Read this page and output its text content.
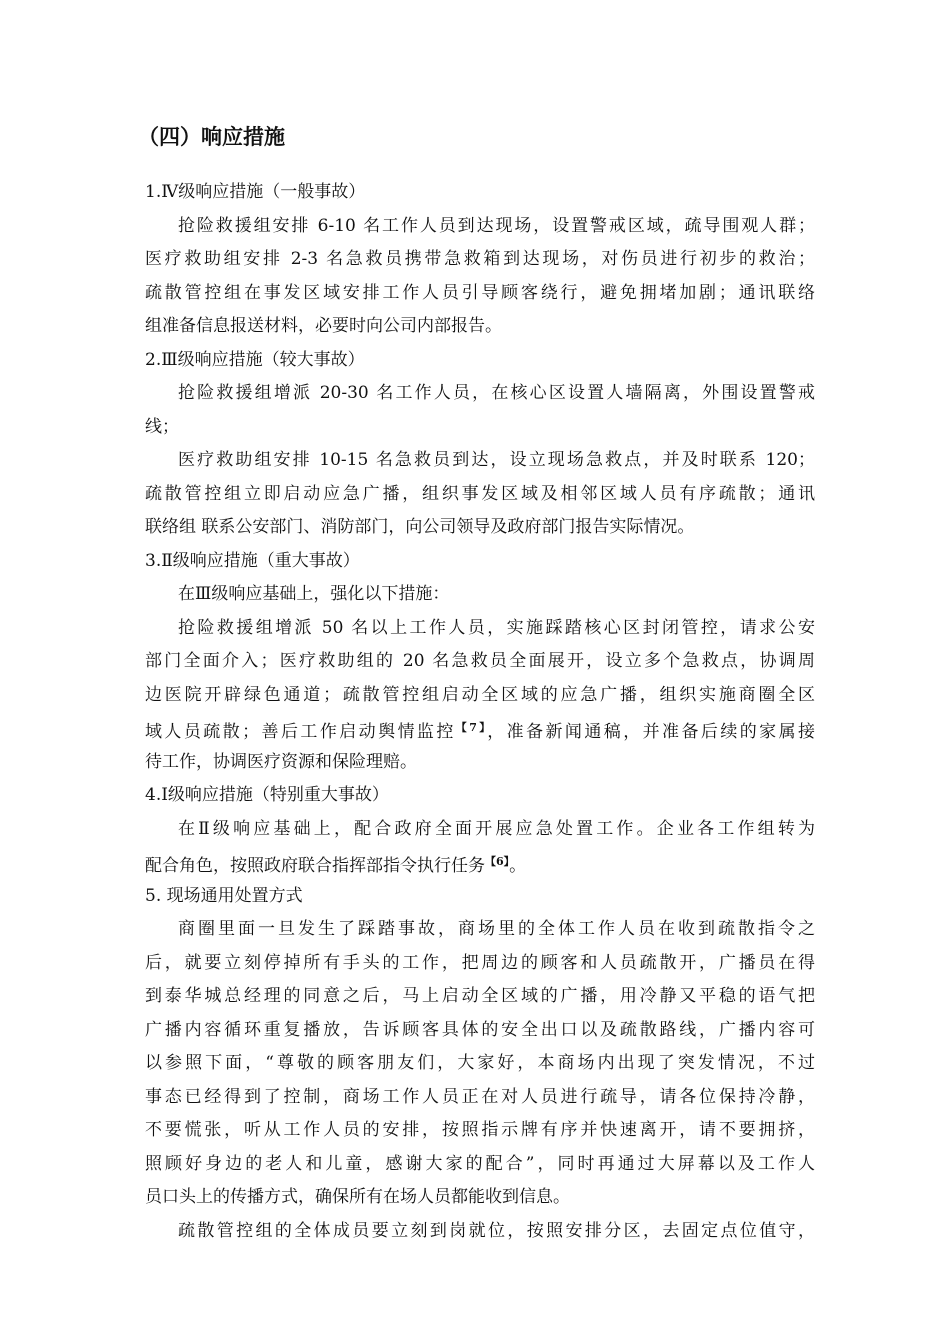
（四）响应措施
1.Ⅳ级响应措施（一般事故）
抢险救援组安排 6-10 名工作人员到达现场，设置警戒区域，疏导围观人群；
医疗救助组安排 2-3 名急救员携带急救箱到达现场，对伤员进行初步的救治；
疏散管控组在事发区域安排工作人员引导顾客绕行，避免拥堵加剧；通讯联络
组准备信息报送材料，必要时向公司内部报告。
2.Ⅲ级响应措施（较大事故）
抢险救援组增派 20-30 名工作人员，在核心区设置人墙隔离，外围设置警戒
线；
医疗救助组安排 10-15 名急救员到达，设立现场急救点，并及时联系 120；
疏散管控组立即启动应急广播，组织事发区域及相邻区域人员有序疏散；通讯
联络组 联系公安部门、消防部门，向公司领导及政府部门报告实际情况。
3.Ⅱ级响应措施（重大事故）
在Ⅲ级响应基础上，强化以下措施：
抢险救援组增派 50 名以上工作人员，实施踩踏核心区封闭管控，请求公安
部门全面介入；医疗救助组的 20 名急救员全面展开，设立多个急救点，协调周
边医院开辟绿色通道；疏散管控组启动全区域的应急广播，组织实施商圈全区
域人员疏散；善后工作启动舆情监控$^{【7】}$，准备新闻通稿，并准备后续的家属接
待工作，协调医疗资源和保险理赔。
4.Ⅰ级响应措施（特别重大事故）
在Ⅱ级响应基础上，配合政府全面开展应急处置工作。企业各工作组转为
配合角色，按照政府联合指挥部指令执行任务$^{【6】}$。
5. 现场通用处置方式
商圈里面一旦发生了踩踏事故，商场里的全体工作人员在收到疏散指令之
后，就要立刻停掉所有手头的工作，把周边的顾客和人员疏散开，广播员在得
到泰华城总经理的同意之后，马上启动全区域的广播，用冷静又平稳的语气把
广播内容循环重复播放，告诉顾客具体的安全出口以及疏散路线，广播内容可
以参照下面，“尊敬的顾客朋友们，大家好，本商场内出现了突发情况，不过
事态已经得到了控制，商场工作人员正在对人员进行疏导，请各位保持冷静，
不要慌张，听从工作人员的安排，按照指示牌有序并快速离开，请不要拥挤，
照顾好身边的老人和儿童，感谢大家的配合”，同时再通过大屏幕以及工作人
员口头上的传播方式，确保所有在场人员都能收到信息。
疏散管控组的全体成员要立刻到岗就位，按照安排分区，去固定点位值守，
